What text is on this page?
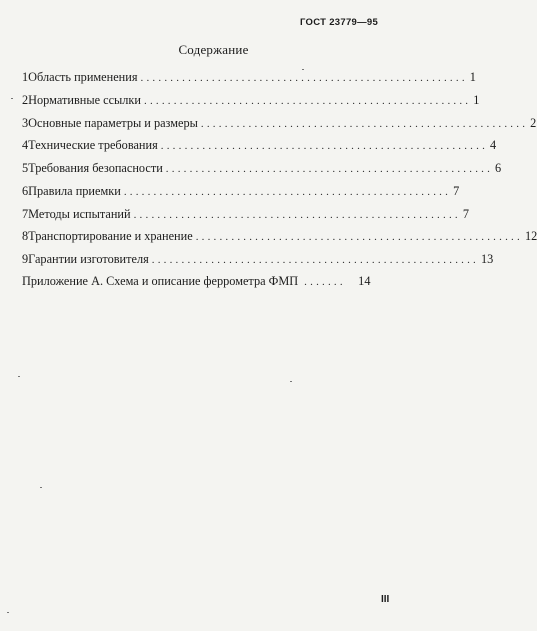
ГОСТ 23779—95
Содержание
1 Область применения ....................................................... 1
2 Нормативные ссылки ....................................................... 1
3 Основные параметры и размеры ....................................................... 2
4 Технические требования ....................................................... 4
5 Требования безопасности ....................................................... 6
6 Правила приемки ....................................................... 7
7 Методы испытаний ....................................................... 7
8 Транспортирование и хранение ....................................................... 12
9 Гарантии изготовителя ....................................................... 13
Приложение А. Схема и описание феррометра ФМП .......	14
III
